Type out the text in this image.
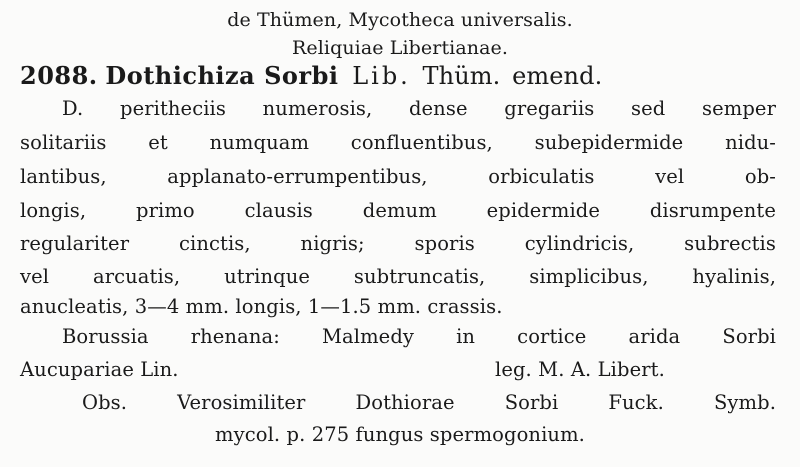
de Thümen, Mycotheca universalis.
Reliquiae Libertianae.
2088. Dothichiza Sorbi Lib. Thüm. emend.
D. peritheciis numerosis, dense gregariis sed semper
solitariis et numquam confluentibus, subepidermide nidu-
lantibus, applanato-errumpentibus, orbiculatis vel ob-
longis, primo clausis demum epidermide disrumpente
regulariter cinctis, nigris; sporis cylindricis, subrectis
vel arcuatis, utrinque subtruncatis, simplicibus, hyalinis,
anucleatis, 3—4 mm. longis, 1—1.5 mm. crassis.
Borussia rhenana: Malmedy in cortice arida Sorbi
Aucupariae Lin.	leg. M. A. Libert.
Obs. Verosimiliter Dothiorae Sorbi Fuck. Symb.
mycol. p. 275 fungus spermogonium.
